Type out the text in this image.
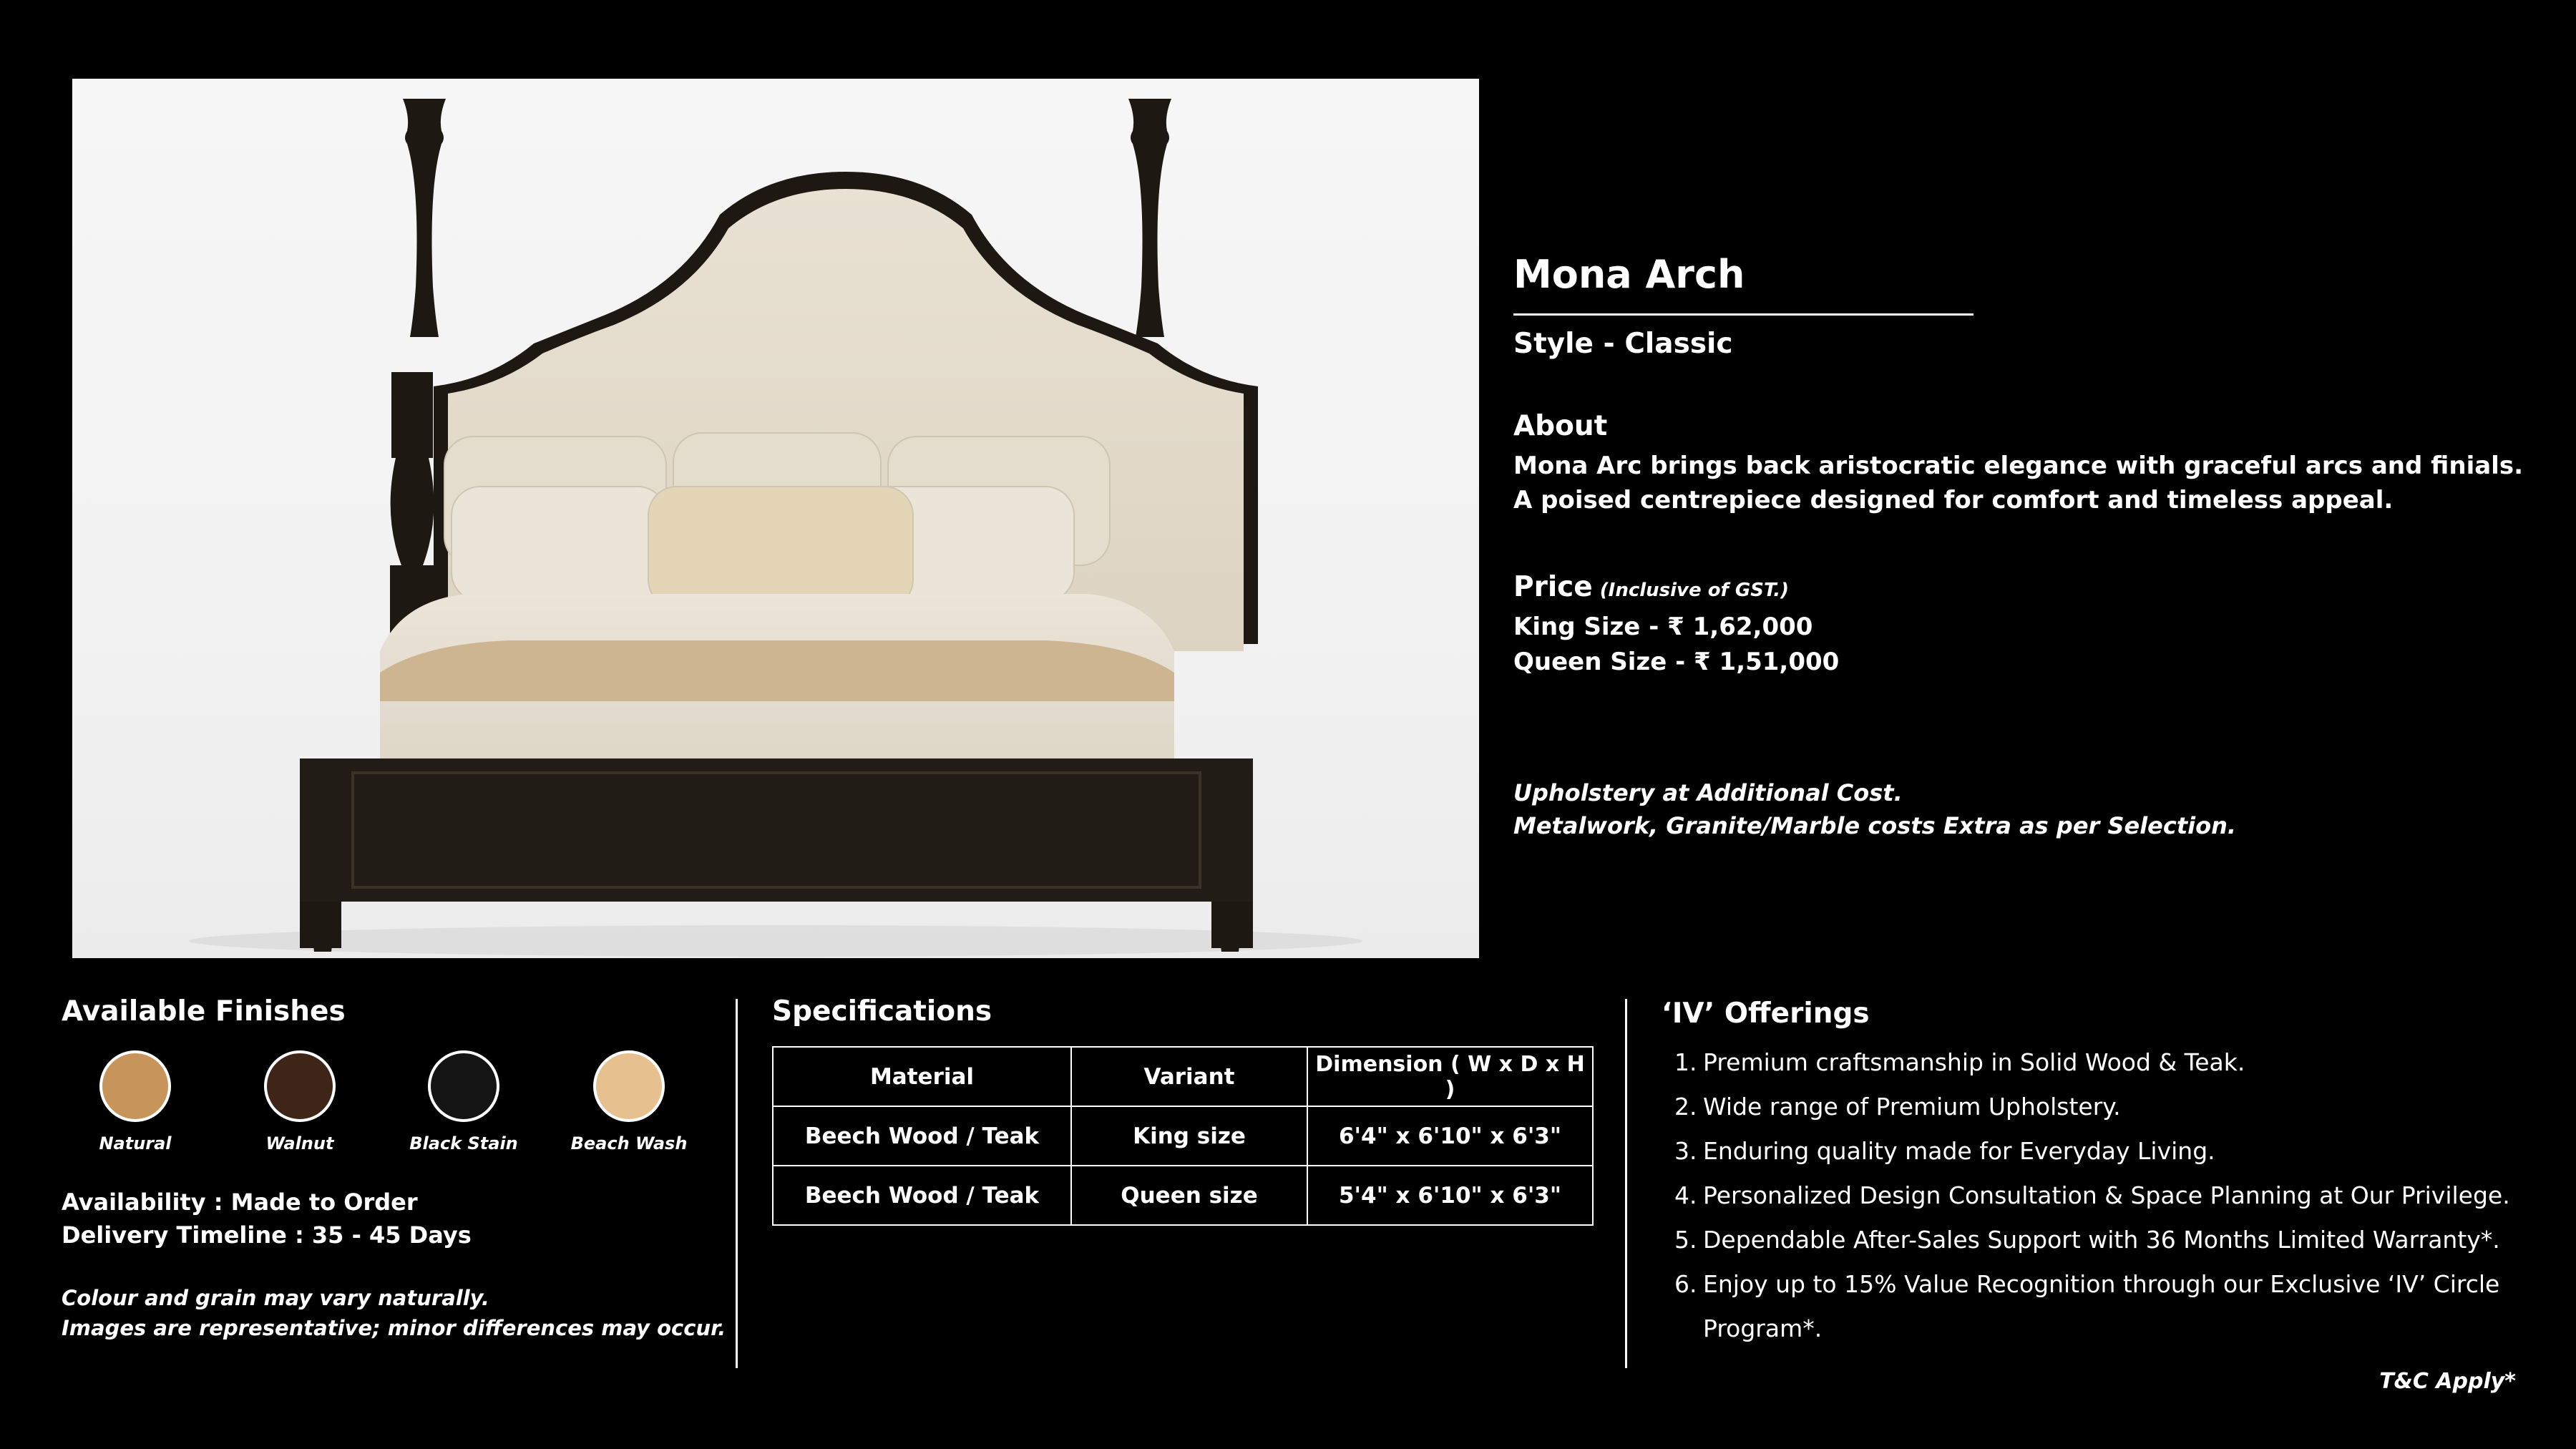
Mona Arch
Style - Classic
About
Mona Arc brings back aristocratic elegance with graceful arcs and finials.
A poised centrepiece designed for comfort and timeless appeal.
Price (Inclusive of GST.)
King Size - ₹ 1,62,000
Queen Size - ₹ 1,51,000
Upholstery at Additional Cost.
Metalwork, Granite/Marble costs Extra as per Selection.
Available Finishes
Natural	Walnut	Black Stain	Beach Wash
Availability : Made to Order
Delivery Timeline : 35 - 45 Days
Colour and grain may vary naturally.
Images are representative; minor differences may occur.
Specifications
Material	Variant	Dimension ( W x D x H )
Beech Wood / Teak	King size	6'4" x 6'10" x 6'3"
Beech Wood / Teak	Queen size	5'4" x 6'10" x 6'3"
‘IV’ Offerings
1. Premium craftsmanship in Solid Wood & Teak.
2. Wide range of Premium Upholstery.
3. Enduring quality made for Everyday Living.
4. Personalized Design Consultation & Space Planning at Our Privilege.
5. Dependable After-Sales Support with 36 Months Limited Warranty*.
6. Enjoy up to 15% Value Recognition through our Exclusive ‘IV’ Circle Program*.
T&C Apply*
